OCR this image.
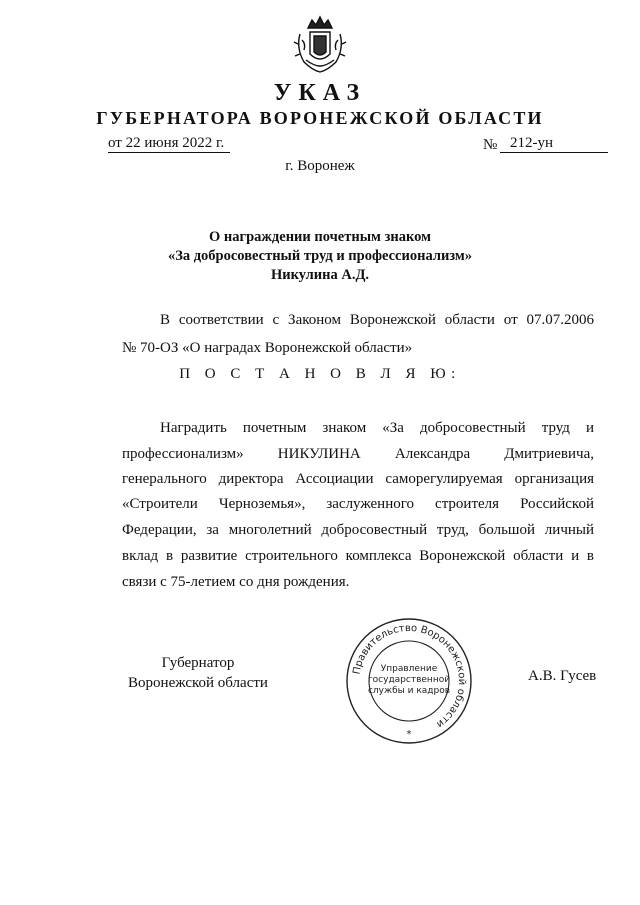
УКАЗ
ГУБЕРНАТОРА ВОРОНЕЖСКОЙ ОБЛАСТИ
от 22 июня 2022 г.	№ 212-ун
г. Воронеж
О награждении почетным знаком
«За добросовестный труд и профессионализм»
Никулина А.Д.
В соответствии с Законом Воронежской области от 07.07.2006
№ 70-ОЗ «О наградах Воронежской области»
П О С Т А Н О В Л Я Ю:
Наградить почетным знаком «За добросовестный труд и
профессионализм» НИКУЛИНА Александра Дмитриевича,
генерального директора Ассоциации саморегулируемая организация
«Строители Черноземья», заслуженного строителя Российской
Федерации, за многолетний добросовестный труд, большой личный
вклад в развитие строительного комплекса Воронежской области и в
связи с 75-летием со дня рождения.
Губернатор
Воронежской области	А.В. Гусев
Правительство Воронежской области
*
Управление
государственной
службы и кадров
